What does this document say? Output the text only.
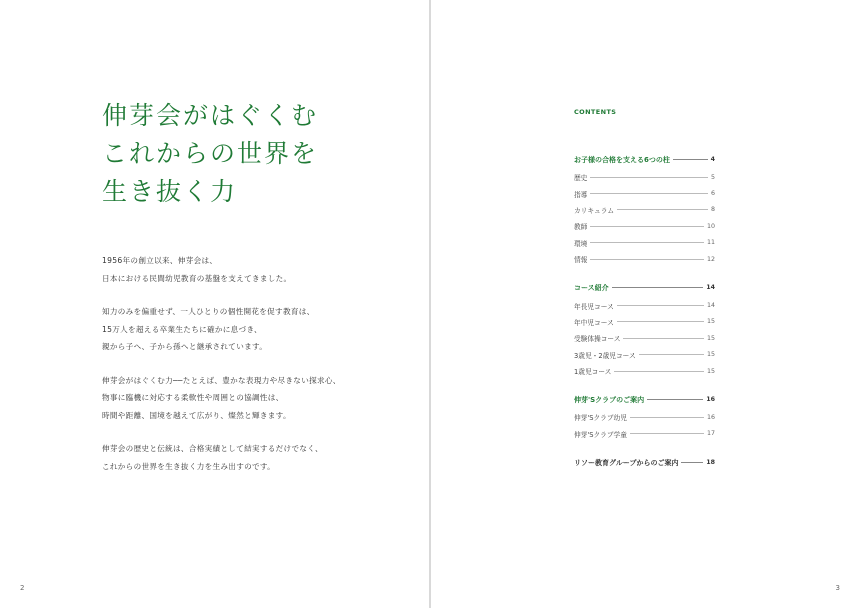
伸芽会がはぐくむ
これからの世界を
生き抜く力
1956年の創立以来、伸芽会は、
日本における民間幼児教育の基盤を支えてきました。
知力のみを偏重せず、一人ひとりの個性開花を促す教育は、
15万人を超える卒業生たちに確かに息づき、
親から子へ、子から孫へと継承されています。
伸芽会がはぐくむ力──たとえば、豊かな表現力や尽きない探求心、
物事に臨機に対応する柔軟性や周囲との協調性は、
時間や距離、国境を越えて広がり、燦然と輝きます。
伸芽会の歴史と伝統は、合格実績として結実するだけでなく、
これからの世界を生き抜く力を生み出すのです。
2
CONTENTS
お子様の合格を支える6つの柱	4
歴史	5
指導	6
カリキュラム	8
教師	10
環境	11
情報	12
コース紹介	14
年長児コース	14
年中児コース	15
受験体操コース	15
3歳児・2歳児コース	15
1歳児コース	15
伸芽'Sクラブのご案内	16
伸芽'Sクラブ幼児	16
伸芽'Sクラブ学童	17
リソー教育グループからのご案内	18
3
